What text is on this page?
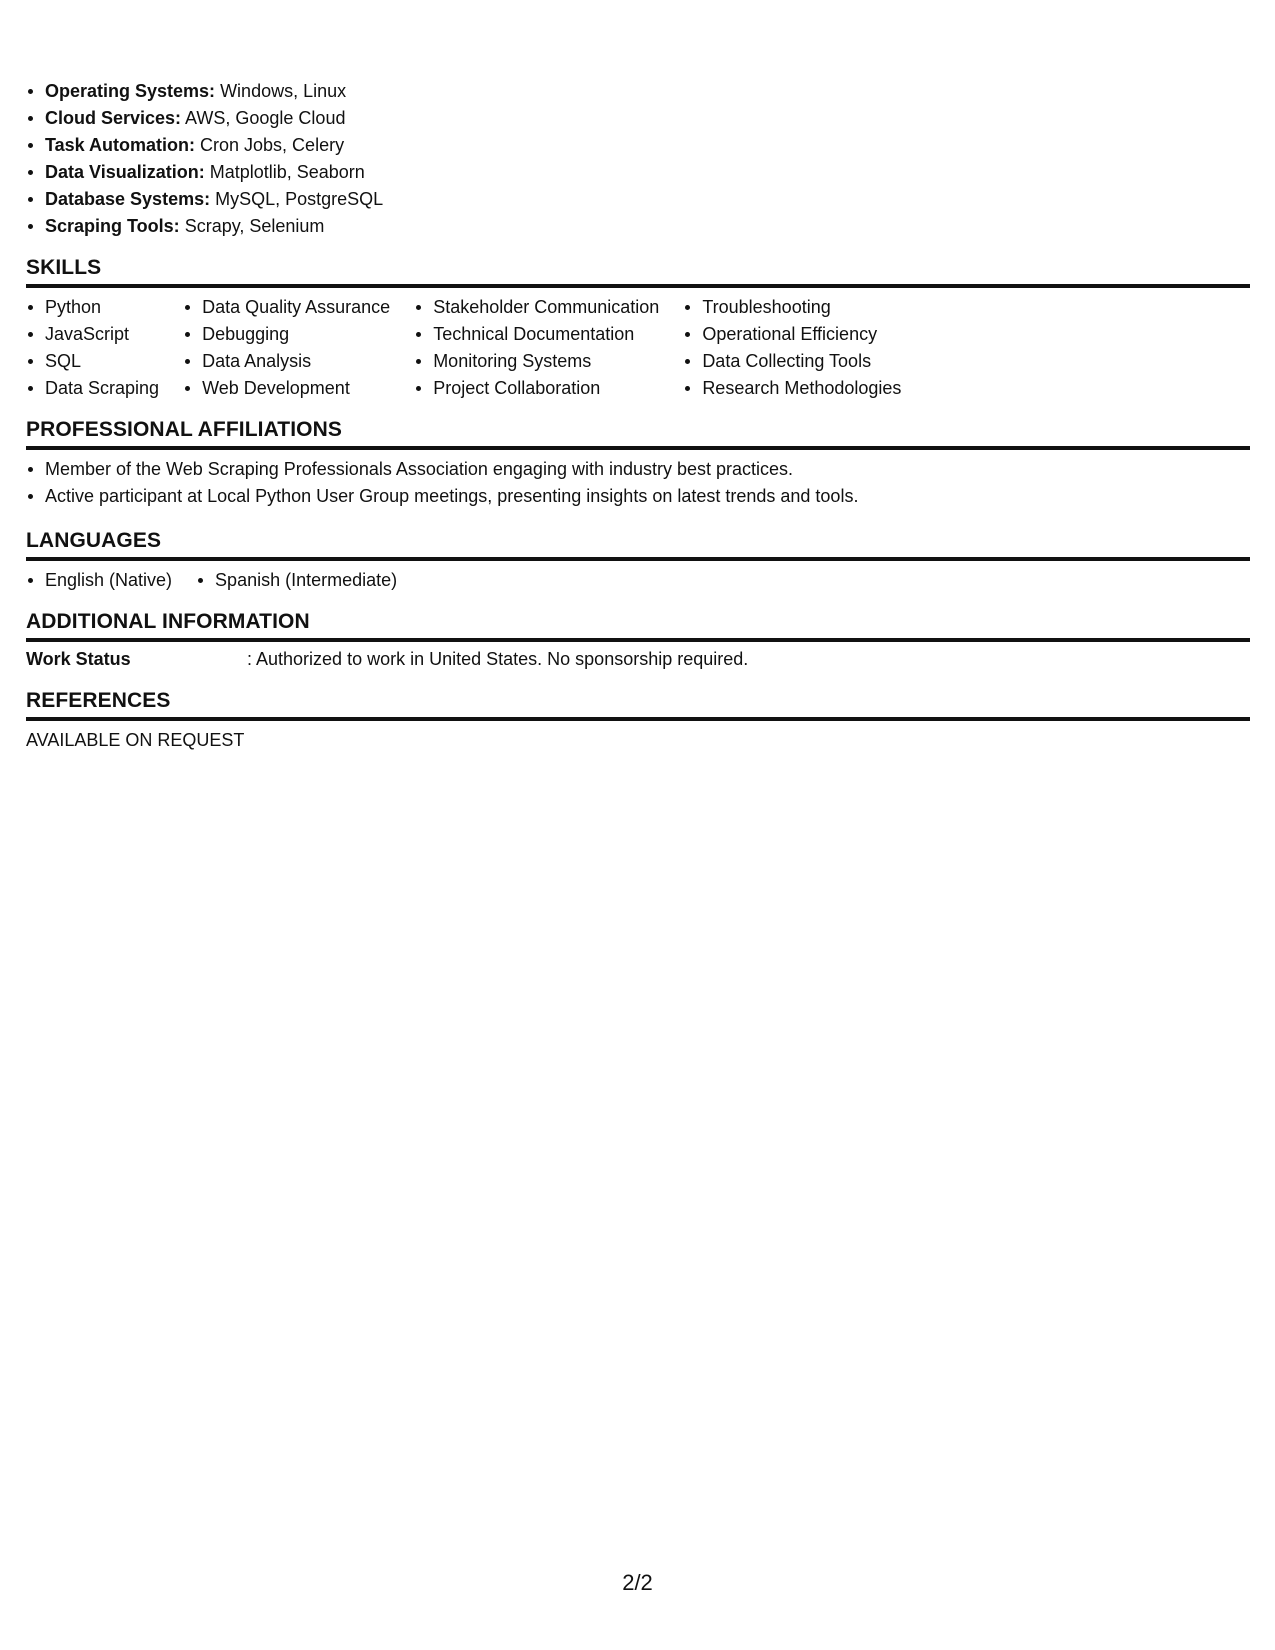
Operating Systems: Windows, Linux
Cloud Services: AWS, Google Cloud
Task Automation: Cron Jobs, Celery
Data Visualization: Matplotlib, Seaborn
Database Systems: MySQL, PostgreSQL
Scraping Tools: Scrapy, Selenium
SKILLS
Python
JavaScript
SQL
Data Scraping
Data Quality Assurance
Debugging
Data Analysis
Web Development
Stakeholder Communication
Technical Documentation
Monitoring Systems
Project Collaboration
Troubleshooting
Operational Efficiency
Data Collecting Tools
Research Methodologies
PROFESSIONAL AFFILIATIONS
Member of the Web Scraping Professionals Association engaging with industry best practices.
Active participant at Local Python User Group meetings, presenting insights on latest trends and tools.
LANGUAGES
English (Native)	Spanish (Intermediate)
ADDITIONAL INFORMATION
Work Status	: Authorized to work in United States. No sponsorship required.
REFERENCES
AVAILABLE ON REQUEST
2/2
